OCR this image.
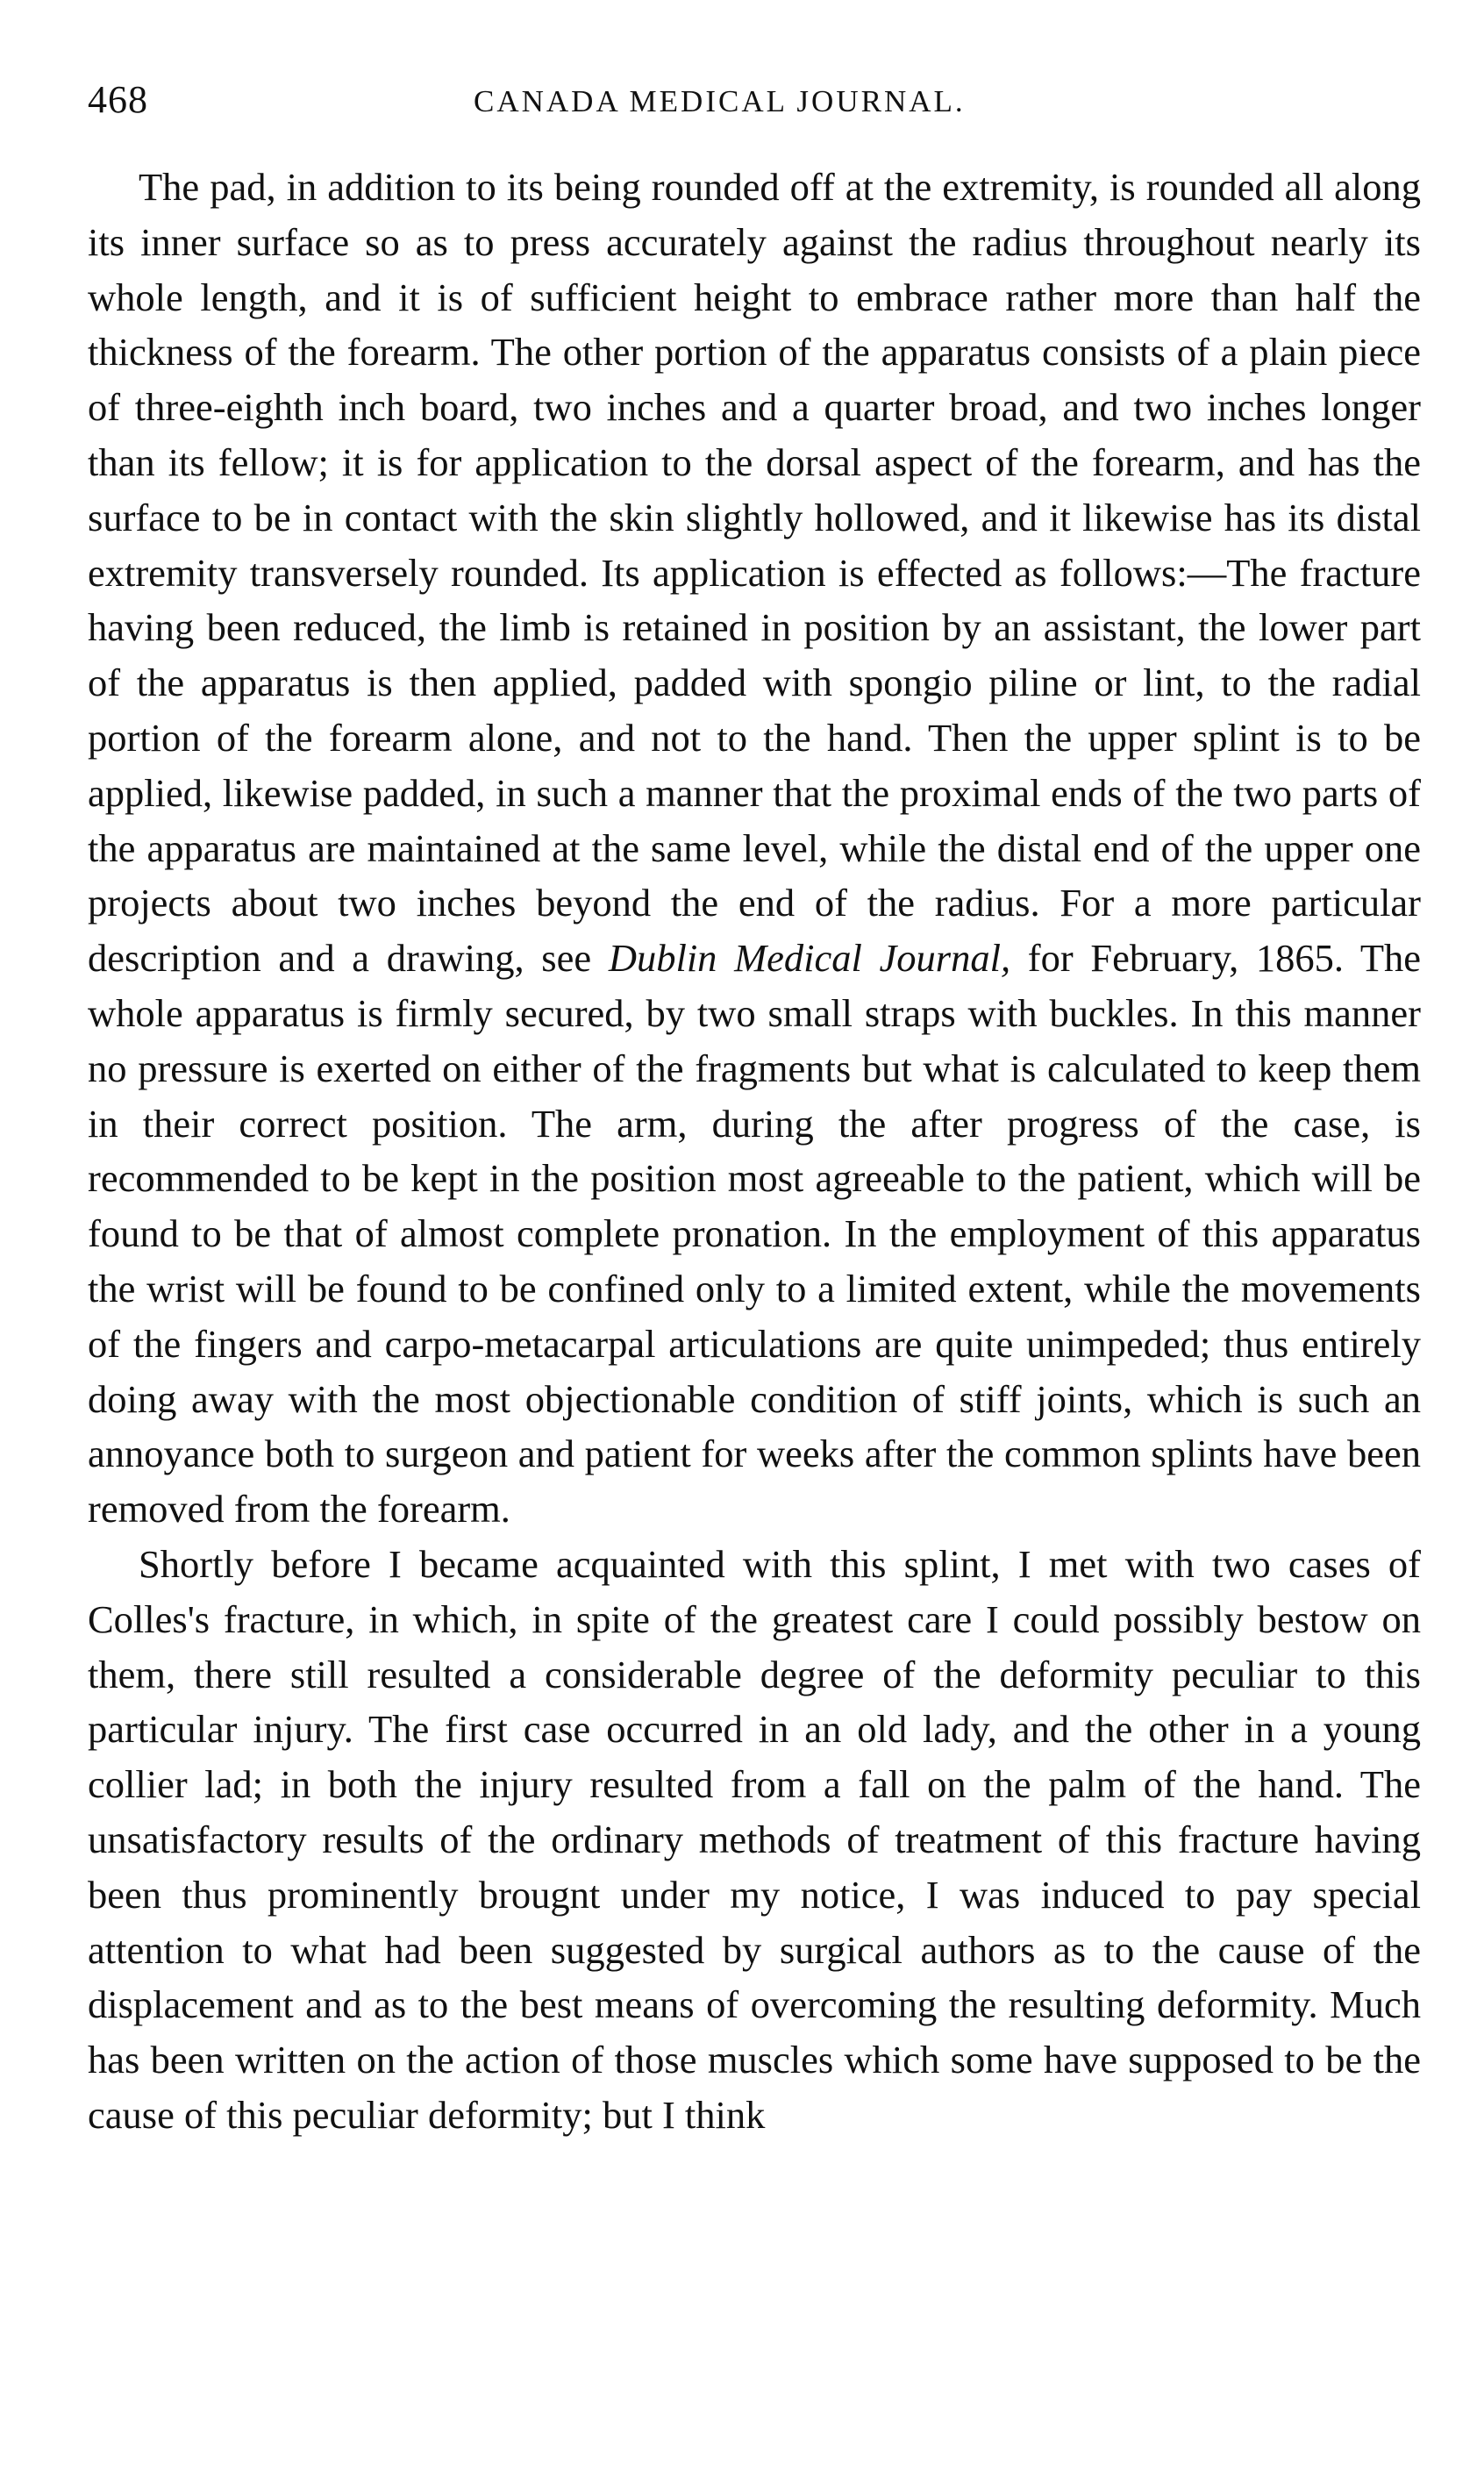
468	CANADA MEDICAL JOURNAL.

The pad, in addition to its being rounded off at the extremity, is rounded all along its inner surface so as to press accurately against the radius throughout nearly its whole length, and it is of sufficient height to embrace rather more than half the thickness of the forearm. The other portion of the apparatus consists of a plain piece of three-eighth inch board, two inches and a quarter broad, and two inches longer than its fellow; it is for application to the dorsal aspect of the forearm, and has the surface to be in contact with the skin slightly hollowed, and it likewise has its distal extremity transversely rounded. Its application is effected as follows:—The fracture having been reduced, the limb is retained in position by an assistant, the lower part of the apparatus is then applied, padded with spongio piline or lint, to the radial portion of the forearm alone, and not to the hand. Then the upper splint is to be applied, likewise padded, in such a manner that the proximal ends of the two parts of the apparatus are maintained at the same level, while the distal end of the upper one projects about two inches beyond the end of the radius. For a more particular description and a drawing, see Dublin Medical Journal, for February, 1865. The whole apparatus is firmly secured, by two small straps with buckles. In this manner no pressure is exerted on either of the fragments but what is calculated to keep them in their correct position. The arm, during the after progress of the case, is recommended to be kept in the position most agreeable to the patient, which will be found to be that of almost complete pronation. In the employment of this apparatus the wrist will be found to be confined only to a limited extent, while the movements of the fingers and carpo-metacarpal articulations are quite unimpeded; thus entirely doing away with the most objectionable condition of stiff joints, which is such an annoyance both to surgeon and patient for weeks after the common splints have been removed from the forearm.

Shortly before I became acquainted with this splint, I met with two cases of Colles's fracture, in which, in spite of the greatest care I could possibly bestow on them, there still resulted a considerable degree of the deformity peculiar to this particular injury. The first case occurred in an old lady, and the other in a young collier lad; in both the injury resulted from a fall on the palm of the hand. The unsatisfactory results of the ordinary methods of treatment of this fracture having been thus prominently brougnt under my notice, I was induced to pay special attention to what had been suggested by surgical authors as to the cause of the displacement and as to the best means of overcoming the resulting deformity. Much has been written on the action of those muscles which some have supposed to be the cause of this peculiar deformity; but I think
